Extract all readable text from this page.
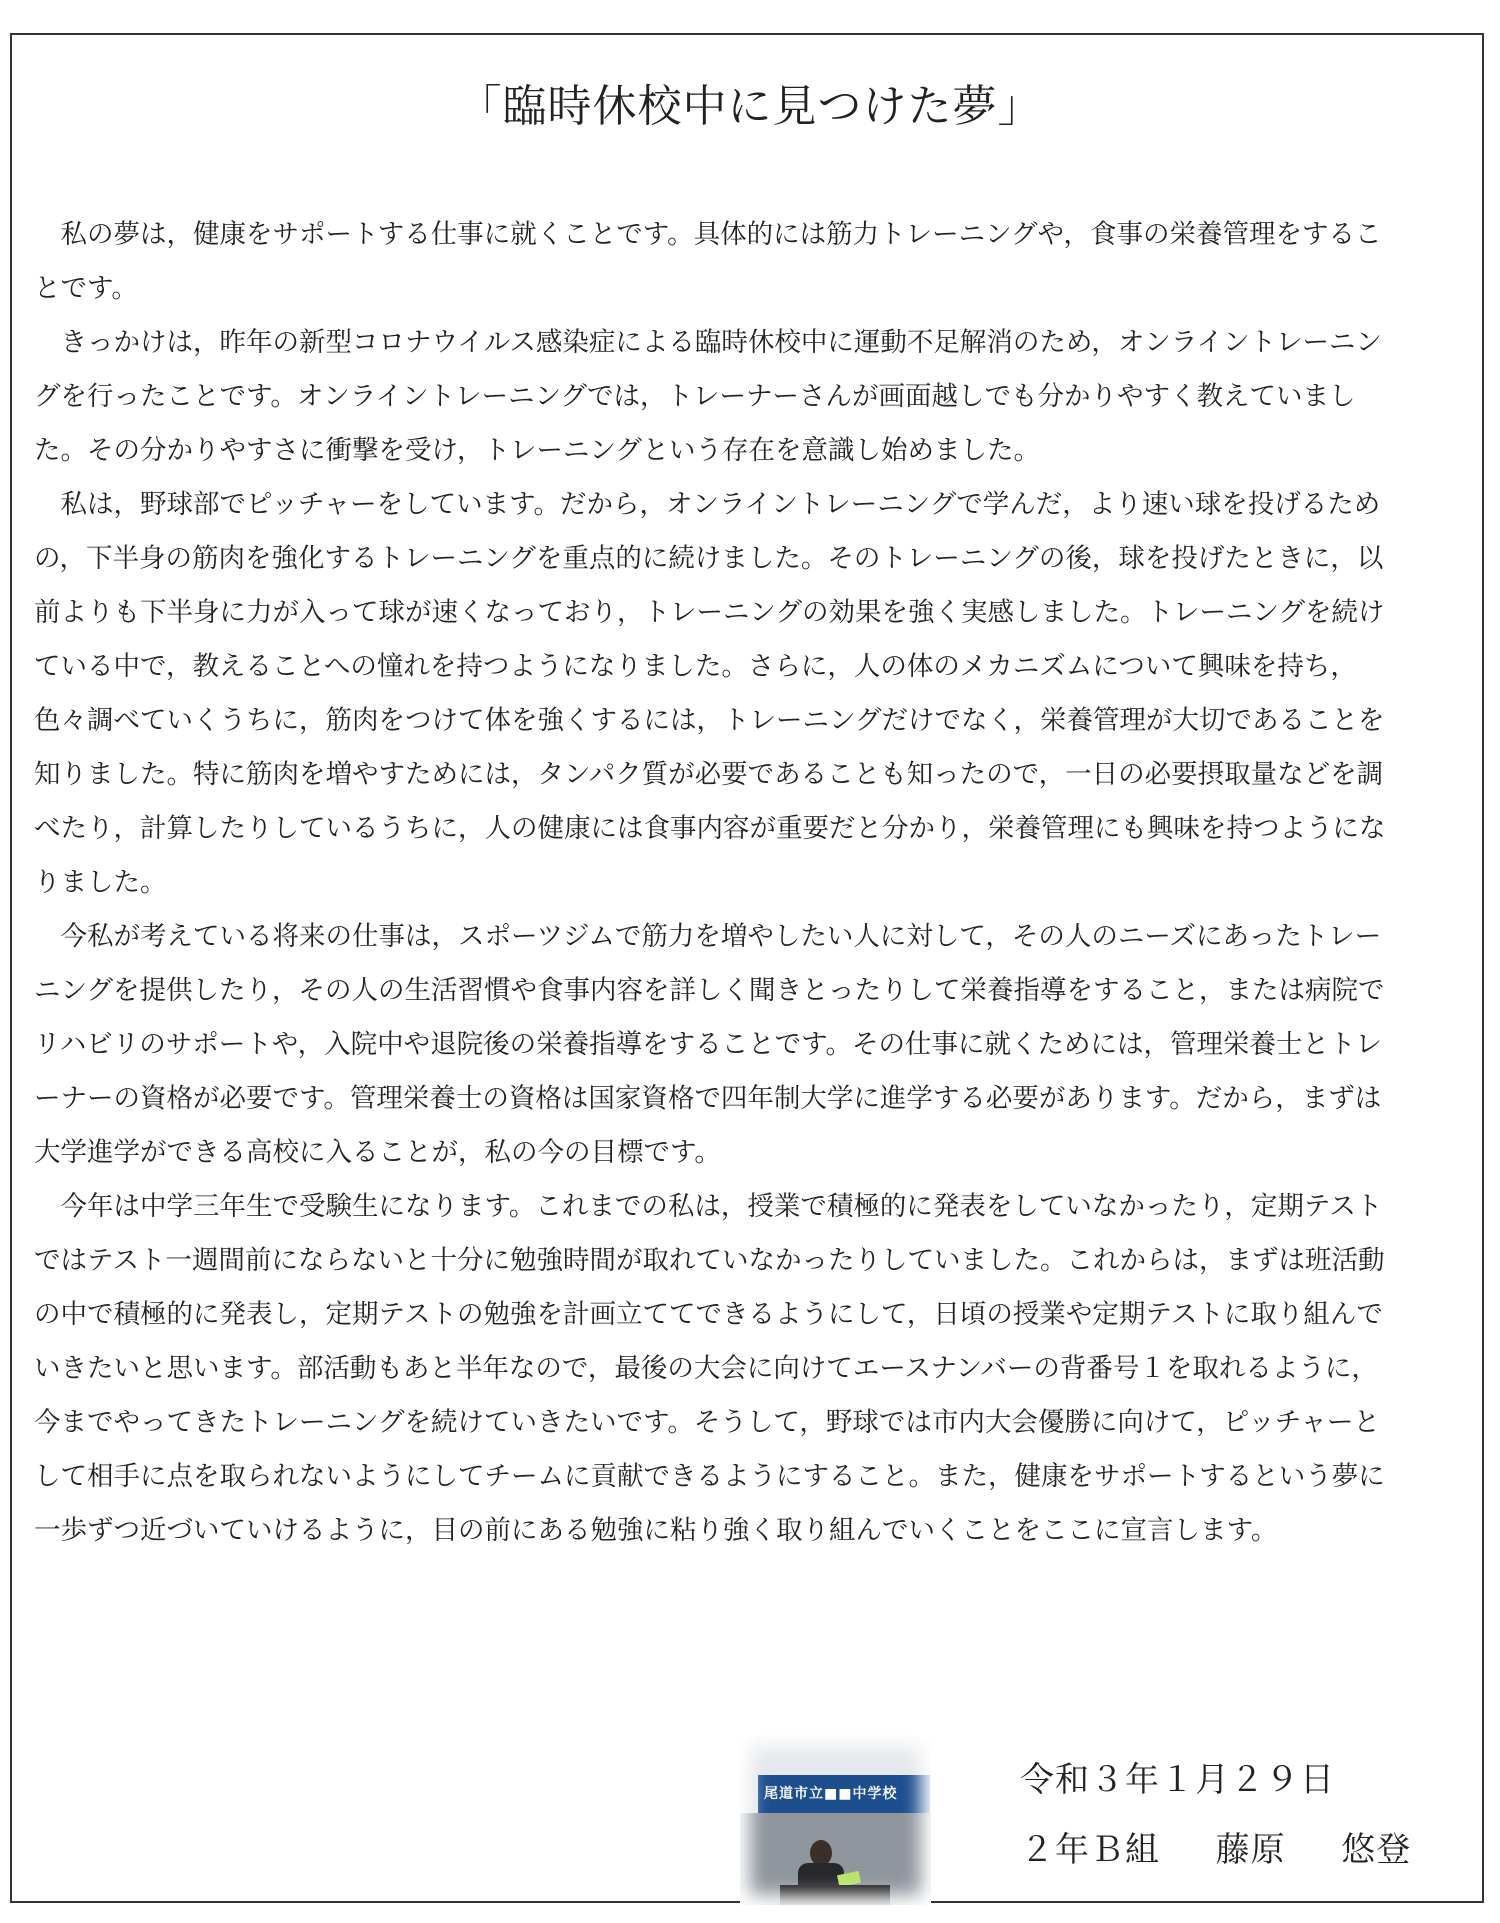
「臨時休校中に見つけた夢」

　私の夢は，健康をサポートする仕事に就くことです。具体的には筋力トレーニングや，食事の栄養管理をするこ
とです。

　きっかけは，昨年の新型コロナウイルス感染症による臨時休校中に運動不足解消のため，オンライントレーニン
グを行ったことです。オンライントレーニングでは，トレーナーさんが画面越しでも分かりやすく教えていまし
た。その分かりやすさに衝撃を受け，トレーニングという存在を意識し始めました。

　私は，野球部でピッチャーをしています。だから，オンライントレーニングで学んだ，より速い球を投げるため
の，下半身の筋肉を強化するトレーニングを重点的に続けました。そのトレーニングの後，球を投げたときに，以
前よりも下半身に力が入って球が速くなっており，トレーニングの効果を強く実感しました。トレーニングを続け
ている中で，教えることへの憧れを持つようになりました。さらに，人の体のメカニズムについて興味を持ち，
色々調べていくうちに，筋肉をつけて体を強くするには，トレーニングだけでなく，栄養管理が大切であることを
知りました。特に筋肉を増やすためには，タンパク質が必要であることも知ったので，一日の必要摂取量などを調
べたり，計算したりしているうちに，人の健康には食事内容が重要だと分かり，栄養管理にも興味を持つようにな
りました。

　今私が考えている将来の仕事は，スポーツジムで筋力を増やしたい人に対して，その人のニーズにあったトレー
ニングを提供したり，その人の生活習慣や食事内容を詳しく聞きとったりして栄養指導をすること，または病院で
リハビリのサポートや，入院中や退院後の栄養指導をすることです。その仕事に就くためには，管理栄養士とトレ
ーナーの資格が必要です。管理栄養士の資格は国家資格で四年制大学に進学する必要があります。だから，まずは
大学進学ができる高校に入ることが，私の今の目標です。

　今年は中学三年生で受験生になります。これまでの私は，授業で積極的に発表をしていなかったり，定期テスト
ではテスト一週間前にならないと十分に勉強時間が取れていなかったりしていました。これからは，まずは班活動
の中で積極的に発表し，定期テストの勉強を計画立ててできるようにして，日頃の授業や定期テストに取り組んで
いきたいと思います。部活動もあと半年なので，最後の大会に向けてエースナンバーの背番号１を取れるように，
今までやってきたトレーニングを続けていきたいです。そうして，野球では市内大会優勝に向けて，ピッチャーと
して相手に点を取られないようにしてチームに貢献できるようにすること。また，健康をサポートするという夢に
一歩ずつ近づいていけるように，目の前にある勉強に粘り強く取り組んでいくことをここに宣言します。

尾道市立■■中学校	令和３年１月２９日

２年Ｂ組 藤原 悠登
